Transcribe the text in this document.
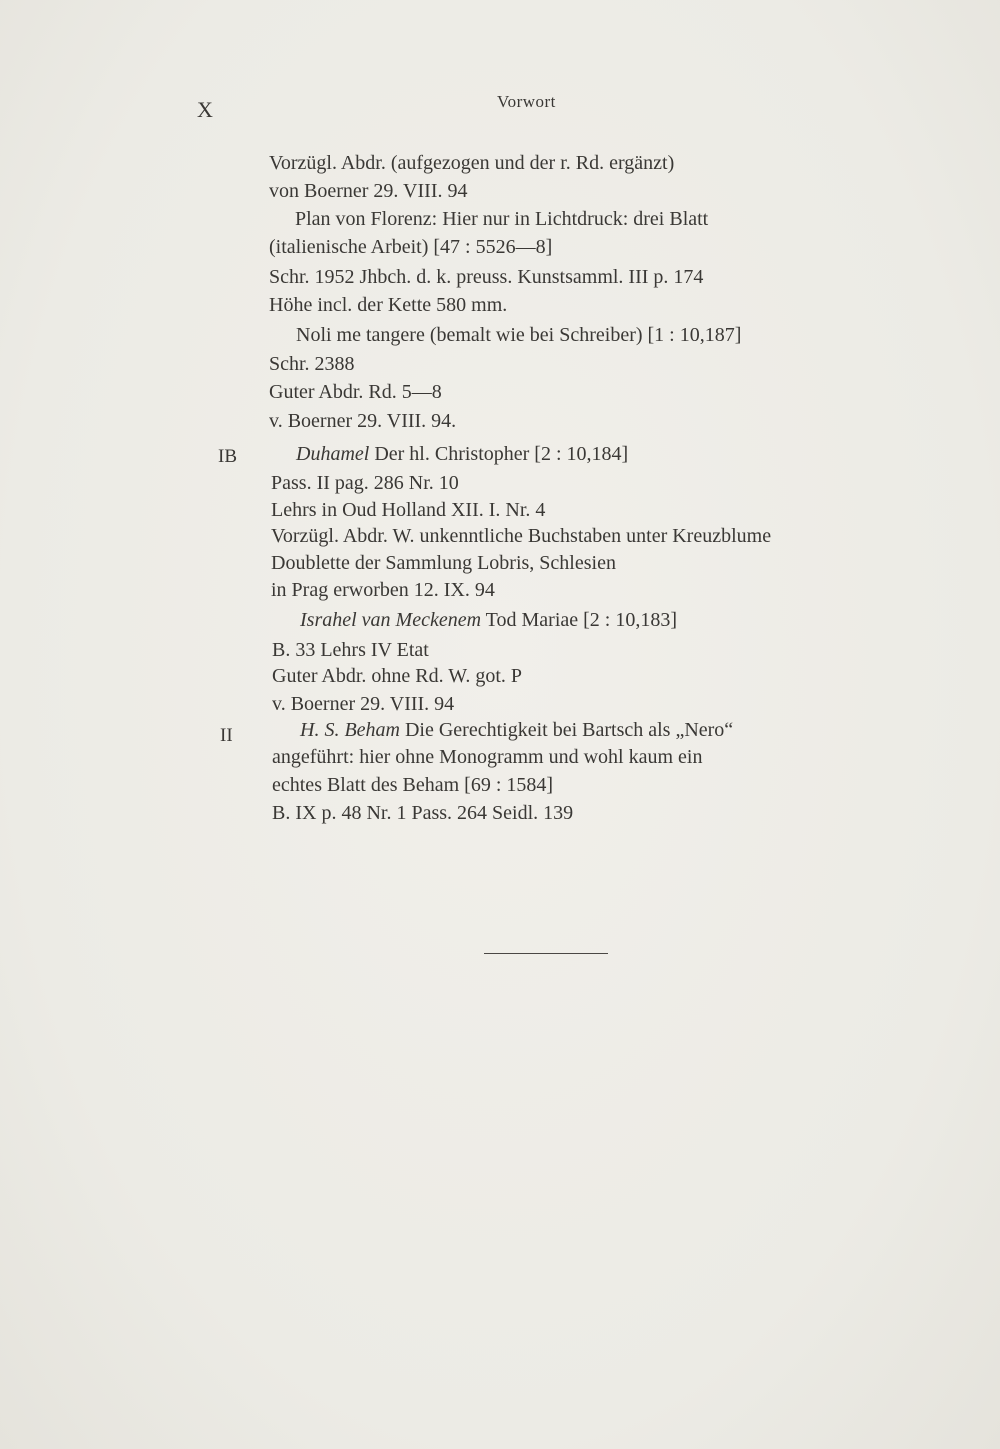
X	Vorwort
Vorzügl. Abdr. (aufgezogen und der r. Rd. ergänzt)
von Boerner 29. VIII. 94
Plan von Florenz: Hier nur in Lichtdruck: drei Blatt
(italienische Arbeit) [47 : 5526—8]
Schr. 1952 Jhbch. d. k. preuss. Kunstsamml. III p. 174
Höhe incl. der Kette 580 mm.
Noli me tangere (bemalt wie bei Schreiber) [1 : 10,187]
Schr. 2388
Guter Abdr. Rd. 5—8
v. Boerner 29. VIII. 94.
IB	Duhamel Der hl. Christopher [2 : 10,184]
Pass. II pag. 286 Nr. 10
Lehrs in Oud Holland XII. I. Nr. 4
Vorzügl. Abdr. W. unkenntliche Buchstaben unter Kreuzblume
Doublette der Sammlung Lobris, Schlesien
in Prag erworben 12. IX. 94
Israhel van Meckenem Tod Mariae [2 : 10,183]
B. 33 Lehrs IV Etat
Guter Abdr. ohne Rd. W. got. P
v. Boerner 29. VIII. 94
II	H. S. Beham Die Gerechtigkeit bei Bartsch als „Nero“
angeführt: hier ohne Monogramm und wohl kaum ein
echtes Blatt des Beham [69 : 1584]
B. IX p. 48 Nr. 1 Pass. 264 Seidl. 139
